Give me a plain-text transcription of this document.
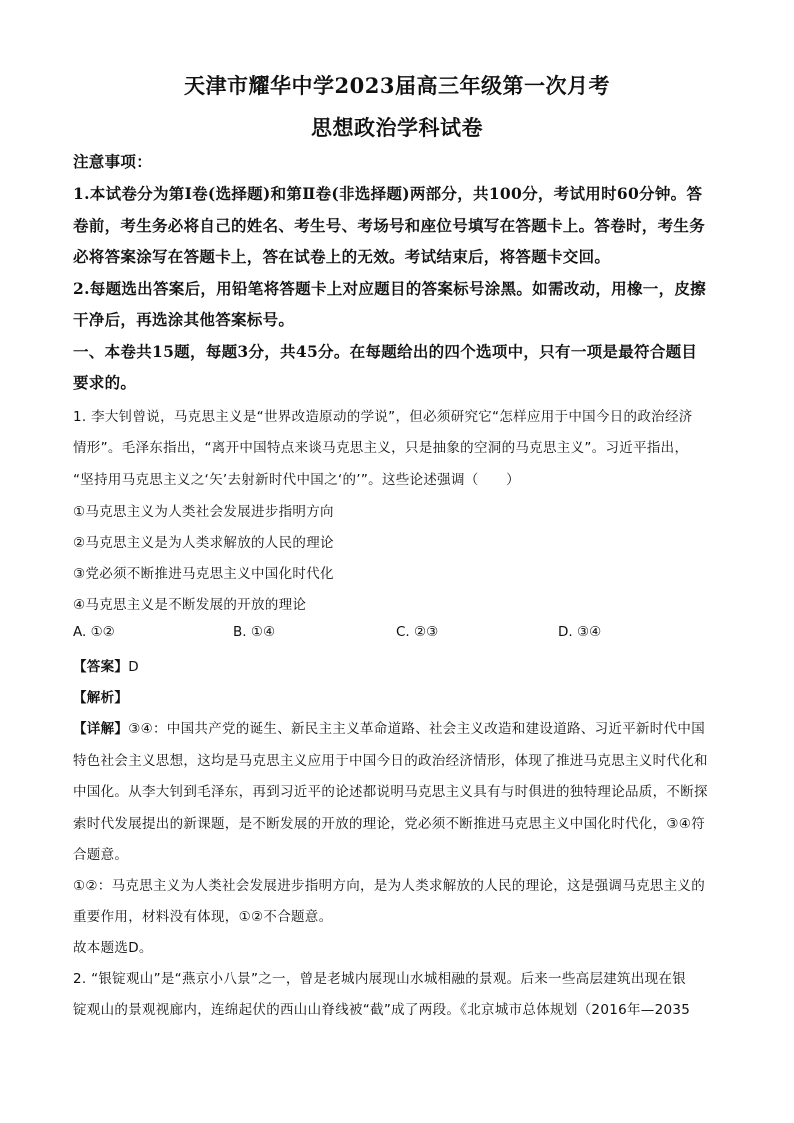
天津市耀华中学2023届高三年级第一次月考
思想政治学科试卷
注意事项：
1.本试卷分为第Ⅰ卷(选择题)和第Ⅱ卷(非选择题)两部分，共100分，考试用时60分钟。答
卷前，考生务必将自己的姓名、考生号、考场号和座位号填写在答题卡上。答卷时，考生务
必将答案涂写在答题卡上，答在试卷上的无效。考试结束后，将答题卡交回。
2.每题选出答案后，用铅笔将答题卡上对应题目的答案标号涂黑。如需改动，用橡一，皮擦
干净后，再选涂其他答案标号。
一、本卷共15题，每题3分，共45分。在每题给出的四个选项中，只有一项是最符合题目
要求的。
1. 李大钊曾说，马克思主义是“世界改造原动的学说”，但必须研究它“怎样应用于中国今日的政治经济
情形”。毛泽东指出，“离开中国特点来谈马克思主义，只是抽象的空洞的马克思主义”。习近平指出，
“坚持用马克思主义之‘矢’去射新时代中国之‘的’”。这些论述强调（　　）
①马克思主义为人类社会发展进步指明方向
②马克思主义是为人类求解放的人民的理论
③党必须不断推进马克思主义中国化时代化
④马克思主义是不断发展的开放的理论
A. ①②	B. ①④	C. ②③	D. ③④
【答案】D
【解析】
【详解】③④：中国共产党的诞生、新民主主义革命道路、社会主义改造和建设道路、习近平新时代中国
特色社会主义思想，这均是马克思主义应用于中国今日的政治经济情形，体现了推进马克思主义时代化和
中国化。从李大钊到毛泽东，再到习近平的论述都说明马克思主义具有与时俱进的独特理论品质，不断探
索时代发展提出的新课题，是不断发展的开放的理论，党必须不断推进马克思主义中国化时代化，③④符
合题意。
①②：马克思主义为人类社会发展进步指明方向，是为人类求解放的人民的理论，这是强调马克思主义的
重要作用，材料没有体现，①②不合题意。
故本题选D。
2. “银锭观山”是“燕京小八景”之一，曾是老城内展现山水城相融的景观。后来一些高层建筑出现在银
锭观山的景观视廊内，连绵起伏的西山山脊线被“截”成了两段。《北京城市总体规划（2016年—2035
